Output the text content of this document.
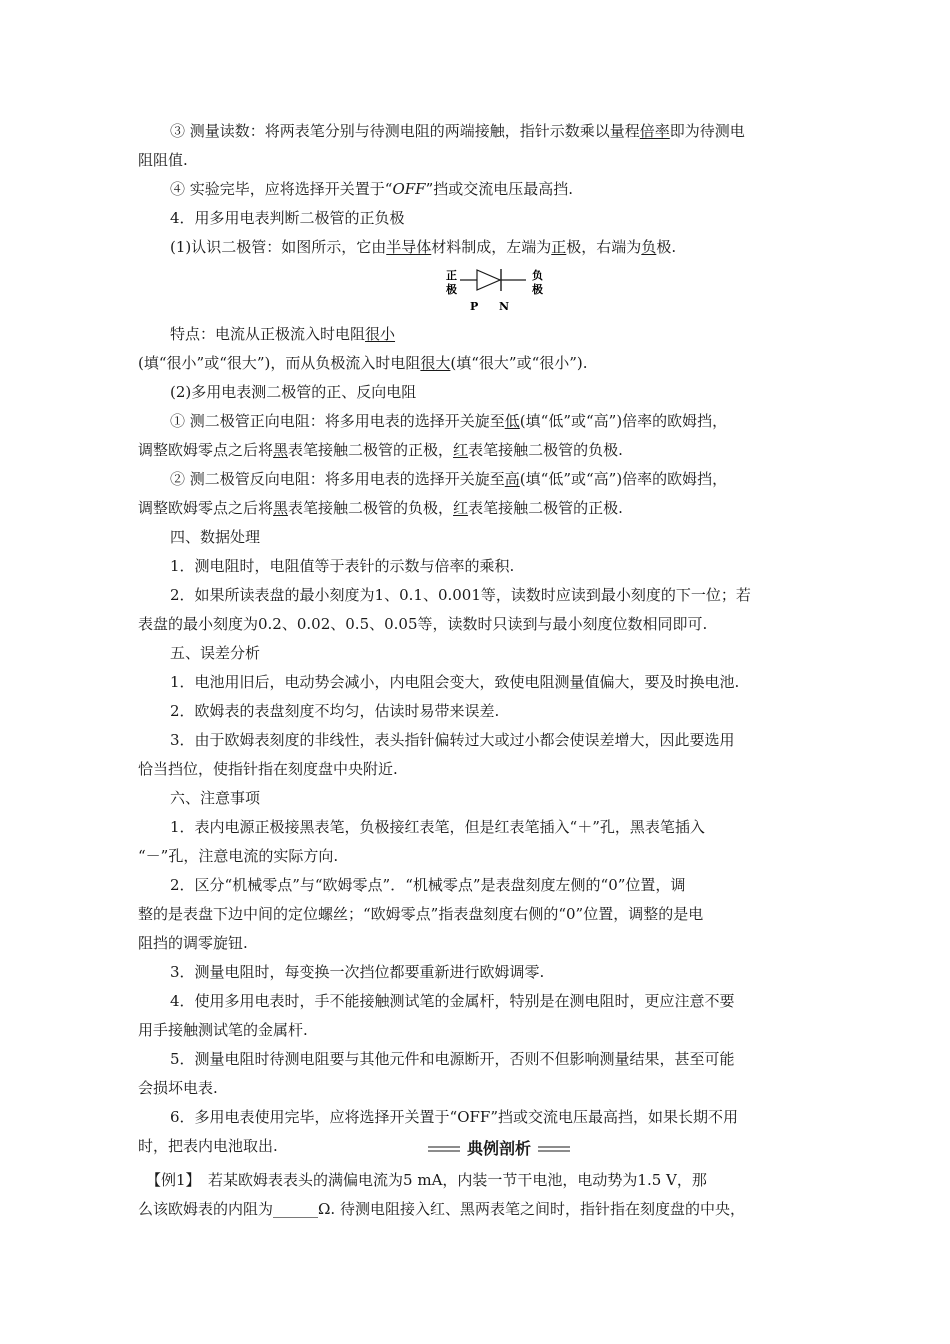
③ 测量读数：将两表笔分别与待测电阻的两端接触，指针示数乘以量程倍率即为待测电
阻阻值.
④ 实验完毕，应将选择开关置于“OFF”挡或交流电压最高挡.
4．用多用电表判断二极管的正负极
(1)认识二极管：如图所示，它由半导体材料制成，左端为正极，右端为负极.
正
极
负
极
P N
特点：电流从正极流入时电阻很小
(填“很小”或“很大”)，而从负极流入时电阻很大(填“很大”或“很小”).
(2)多用电表测二极管的正、反向电阻
① 测二极管正向电阻：将多用电表的选择开关旋至低(填“低”或“高”)倍率的欧姆挡，
调整欧姆零点之后将黑表笔接触二极管的正极，红表笔接触二极管的负极.
② 测二极管反向电阻：将多用电表的选择开关旋至高(填“低”或“高”)倍率的欧姆挡，
调整欧姆零点之后将黑表笔接触二极管的负极，红表笔接触二极管的正极.
四、数据处理
1．测电阻时，电阻值等于表针的示数与倍率的乘积.
2．如果所读表盘的最小刻度为1、0.1、0.001等，读数时应读到最小刻度的下一位；若
表盘的最小刻度为0.2、0.02、0.5、0.05等，读数时只读到与最小刻度位数相同即可.
五、误差分析
1．电池用旧后，电动势会减小，内电阻会变大，致使电阻测量值偏大，要及时换电池.
2．欧姆表的表盘刻度不均匀，估读时易带来误差.
3．由于欧姆表刻度的非线性，表头指针偏转过大或过小都会使误差增大，因此要选用
恰当挡位，使指针指在刻度盘中央附近.
六、注意事项
1．表内电源正极接黑表笔，负极接红表笔，但是红表笔插入“＋”孔，黑表笔插入
“－”孔，注意电流的实际方向.
2．区分“机械零点”与“欧姆零点”．“机械零点”是表盘刻度左侧的“0”位置，调
整的是表盘下边中间的定位螺丝；“欧姆零点”指表盘刻度右侧的“0”位置，调整的是电
阻挡的调零旋钮.
3．测量电阻时，每变换一次挡位都要重新进行欧姆调零.
4．使用多用电表时，手不能接触测试笔的金属杆，特别是在测电阻时，更应注意不要
用手接触测试笔的金属杆.
5．测量电阻时待测电阻要与其他元件和电源断开，否则不但影响测量结果，甚至可能
会损坏电表.
6．多用电表使用完毕，应将选择开关置于“OFF”挡或交流电压最高挡，如果长期不用
时，把表内电池取出.	典例剖析
【例1】　若某欧姆表表头的满偏电流为5 mA，内装一节干电池，电动势为1.5 V，那
么该欧姆表的内阻为______Ω. 待测电阻接入红、黑两表笔之间时，指针指在刻度盘的中央，
